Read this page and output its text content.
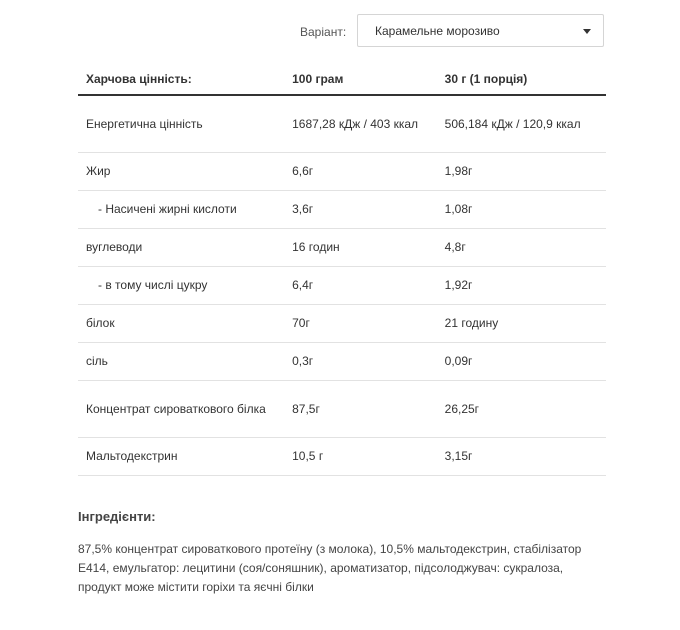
Варіант:	Карамельне морозиво
Харчова цінність:	100 грам	30 г (1 порція)
Енергетична цінність	1687,28 кДж / 403 ккал	506,184 кДж / 120,9 ккал
Жир	6,6г	1,98г
- Насичені жирні кислоти	3,6г	1,08г
вуглеводи	16 годин	4,8г
- в тому числі цукру	6,4г	1,92г
білок	70г	21 годину
сіль	0,3г	0,09г
Концентрат сироваткового білка	87,5г	26,25г
Мальтодекстрин	10,5 г	3,15г
Інгредієнти:
87,5% концентрат сироваткового протеїну (з молока), 10,5% мальтодекстрин, стабілізатор Е414, емульгатор: лецитини (соя/соняшник), ароматизатор, підсолоджувач: сукралоза, продукт може містити горіхи та яєчні білки
